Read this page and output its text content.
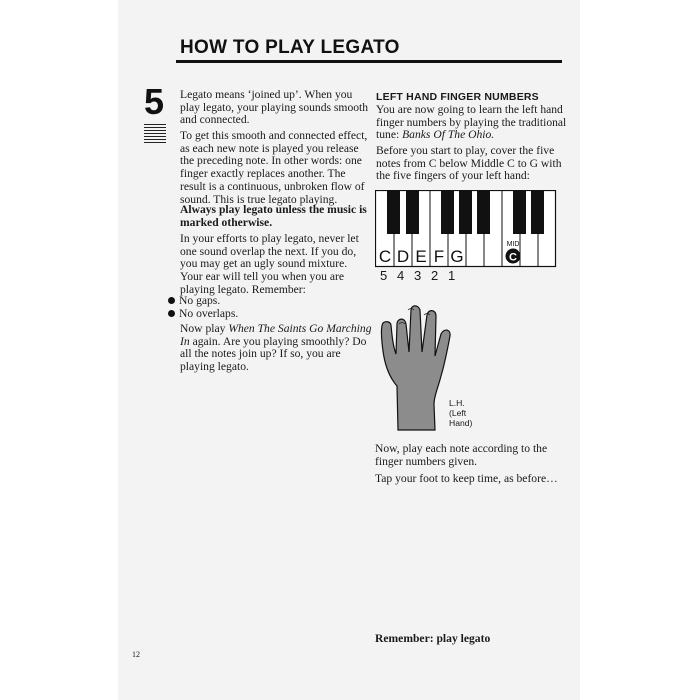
HOW TO PLAY LEGATO
5 Legato means ‘joined up’. When you
play legato, your playing sounds smooth
and connected.
To get this smooth and connected effect,
as each new note is played you release
the preceding note. In other words: one
finger exactly replaces another. The
result is a continuous, unbroken flow of
sound. This is true legato playing.
Always play legato unless the music is
marked otherwise.
In your efforts to play legato, never let
one sound overlap the next. If you do,
you may get an ugly sound mixture.
Your ear will tell you when you are
playing legato. Remember:
No gaps.
No overlaps.
Now play When The Saints Go Marching
In again. Are you playing smoothly? Do
all the notes join up? If so, you are
playing legato.
LEFT HAND FINGER NUMBERS
You are now going to learn the left hand
finger numbers by playing the traditional
tune: Banks Of The Ohio.
Before you start to play, cover the five
notes from C below Middle C to G with
the five fingers of your left hand:
C D E F G
MID
C
5 4 3 2 1
L.H.
(Left
Hand)
Now, play each note according to the
finger numbers given.
Tap your foot to keep time, as before…
Remember: play legato
12
